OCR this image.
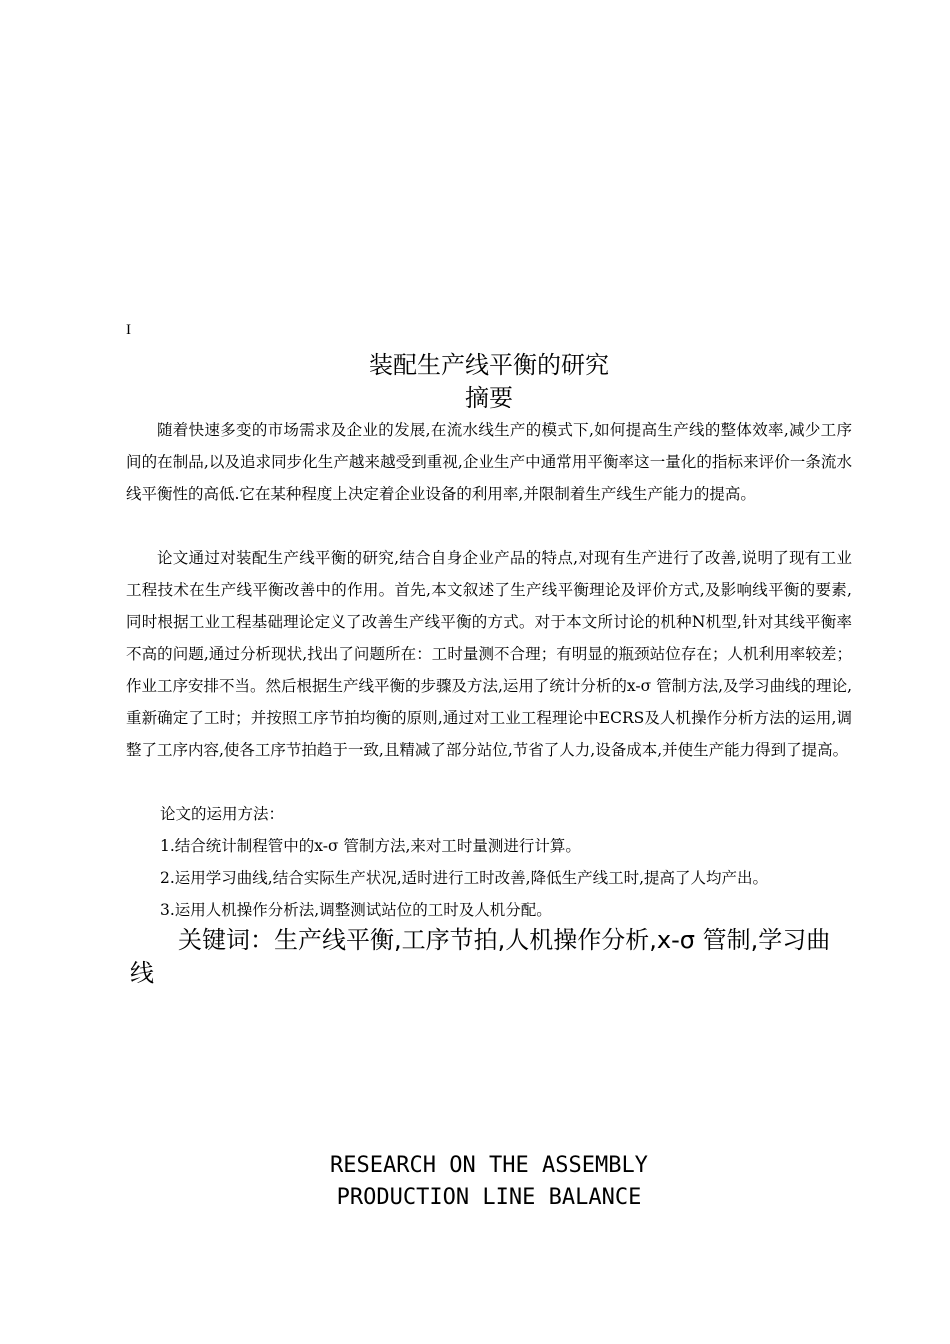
I
装配生产线平衡的研究
摘要

随着快速多变的市场需求及企业的发展,在流水线生产的模式下,如何提高生产线的整体效率,减少工序间的在制品,以及追求同步化生产越来越受到重视,企业生产中通常用平衡率这一量化的指标来评价一条流水线平衡性的高低.它在某种程度上决定着企业设备的利用率,并限制着生产线生产能力的提高。

论文通过对装配生产线平衡的研究,结合自身企业产品的特点,对现有生产进行了改善,说明了现有工业工程技术在生产线平衡改善中的作用。首先,本文叙述了生产线平衡理论及评价方式,及影响线平衡的要素,同时根据工业工程基础理论定义了改善生产线平衡的方式。对于本文所讨论的机种N机型,针对其线平衡率不高的问题,通过分析现状,找出了问题所在：工时量测不合理；有明显的瓶颈站位存在；人机利用率较差；作业工序安排不当。然后根据生产线平衡的步骤及方法,运用了统计分析的x-σ 管制方法,及学习曲线的理论,重新确定了工时；并按照工序节拍均衡的原则,通过对工业工程理论中ECRS及人机操作分析方法的运用,调整了工序内容,使各工序节拍趋于一致,且精减了部分站位,节省了人力,设备成本,并使生产能力得到了提高。

论文的运用方法：
1.结合统计制程管中的x-σ 管制方法,来对工时量测进行计算。
2.运用学习曲线,结合实际生产状况,适时进行工时改善,降低生产线工时,提高了人均产出。
3.运用人机操作分析法,调整测试站位的工时及人机分配。

关键词：生产线平衡,工序节拍,人机操作分析,x-σ 管制,学习曲线

RESEARCH ON THE ASSEMBLY
PRODUCTION LINE BALANCE
